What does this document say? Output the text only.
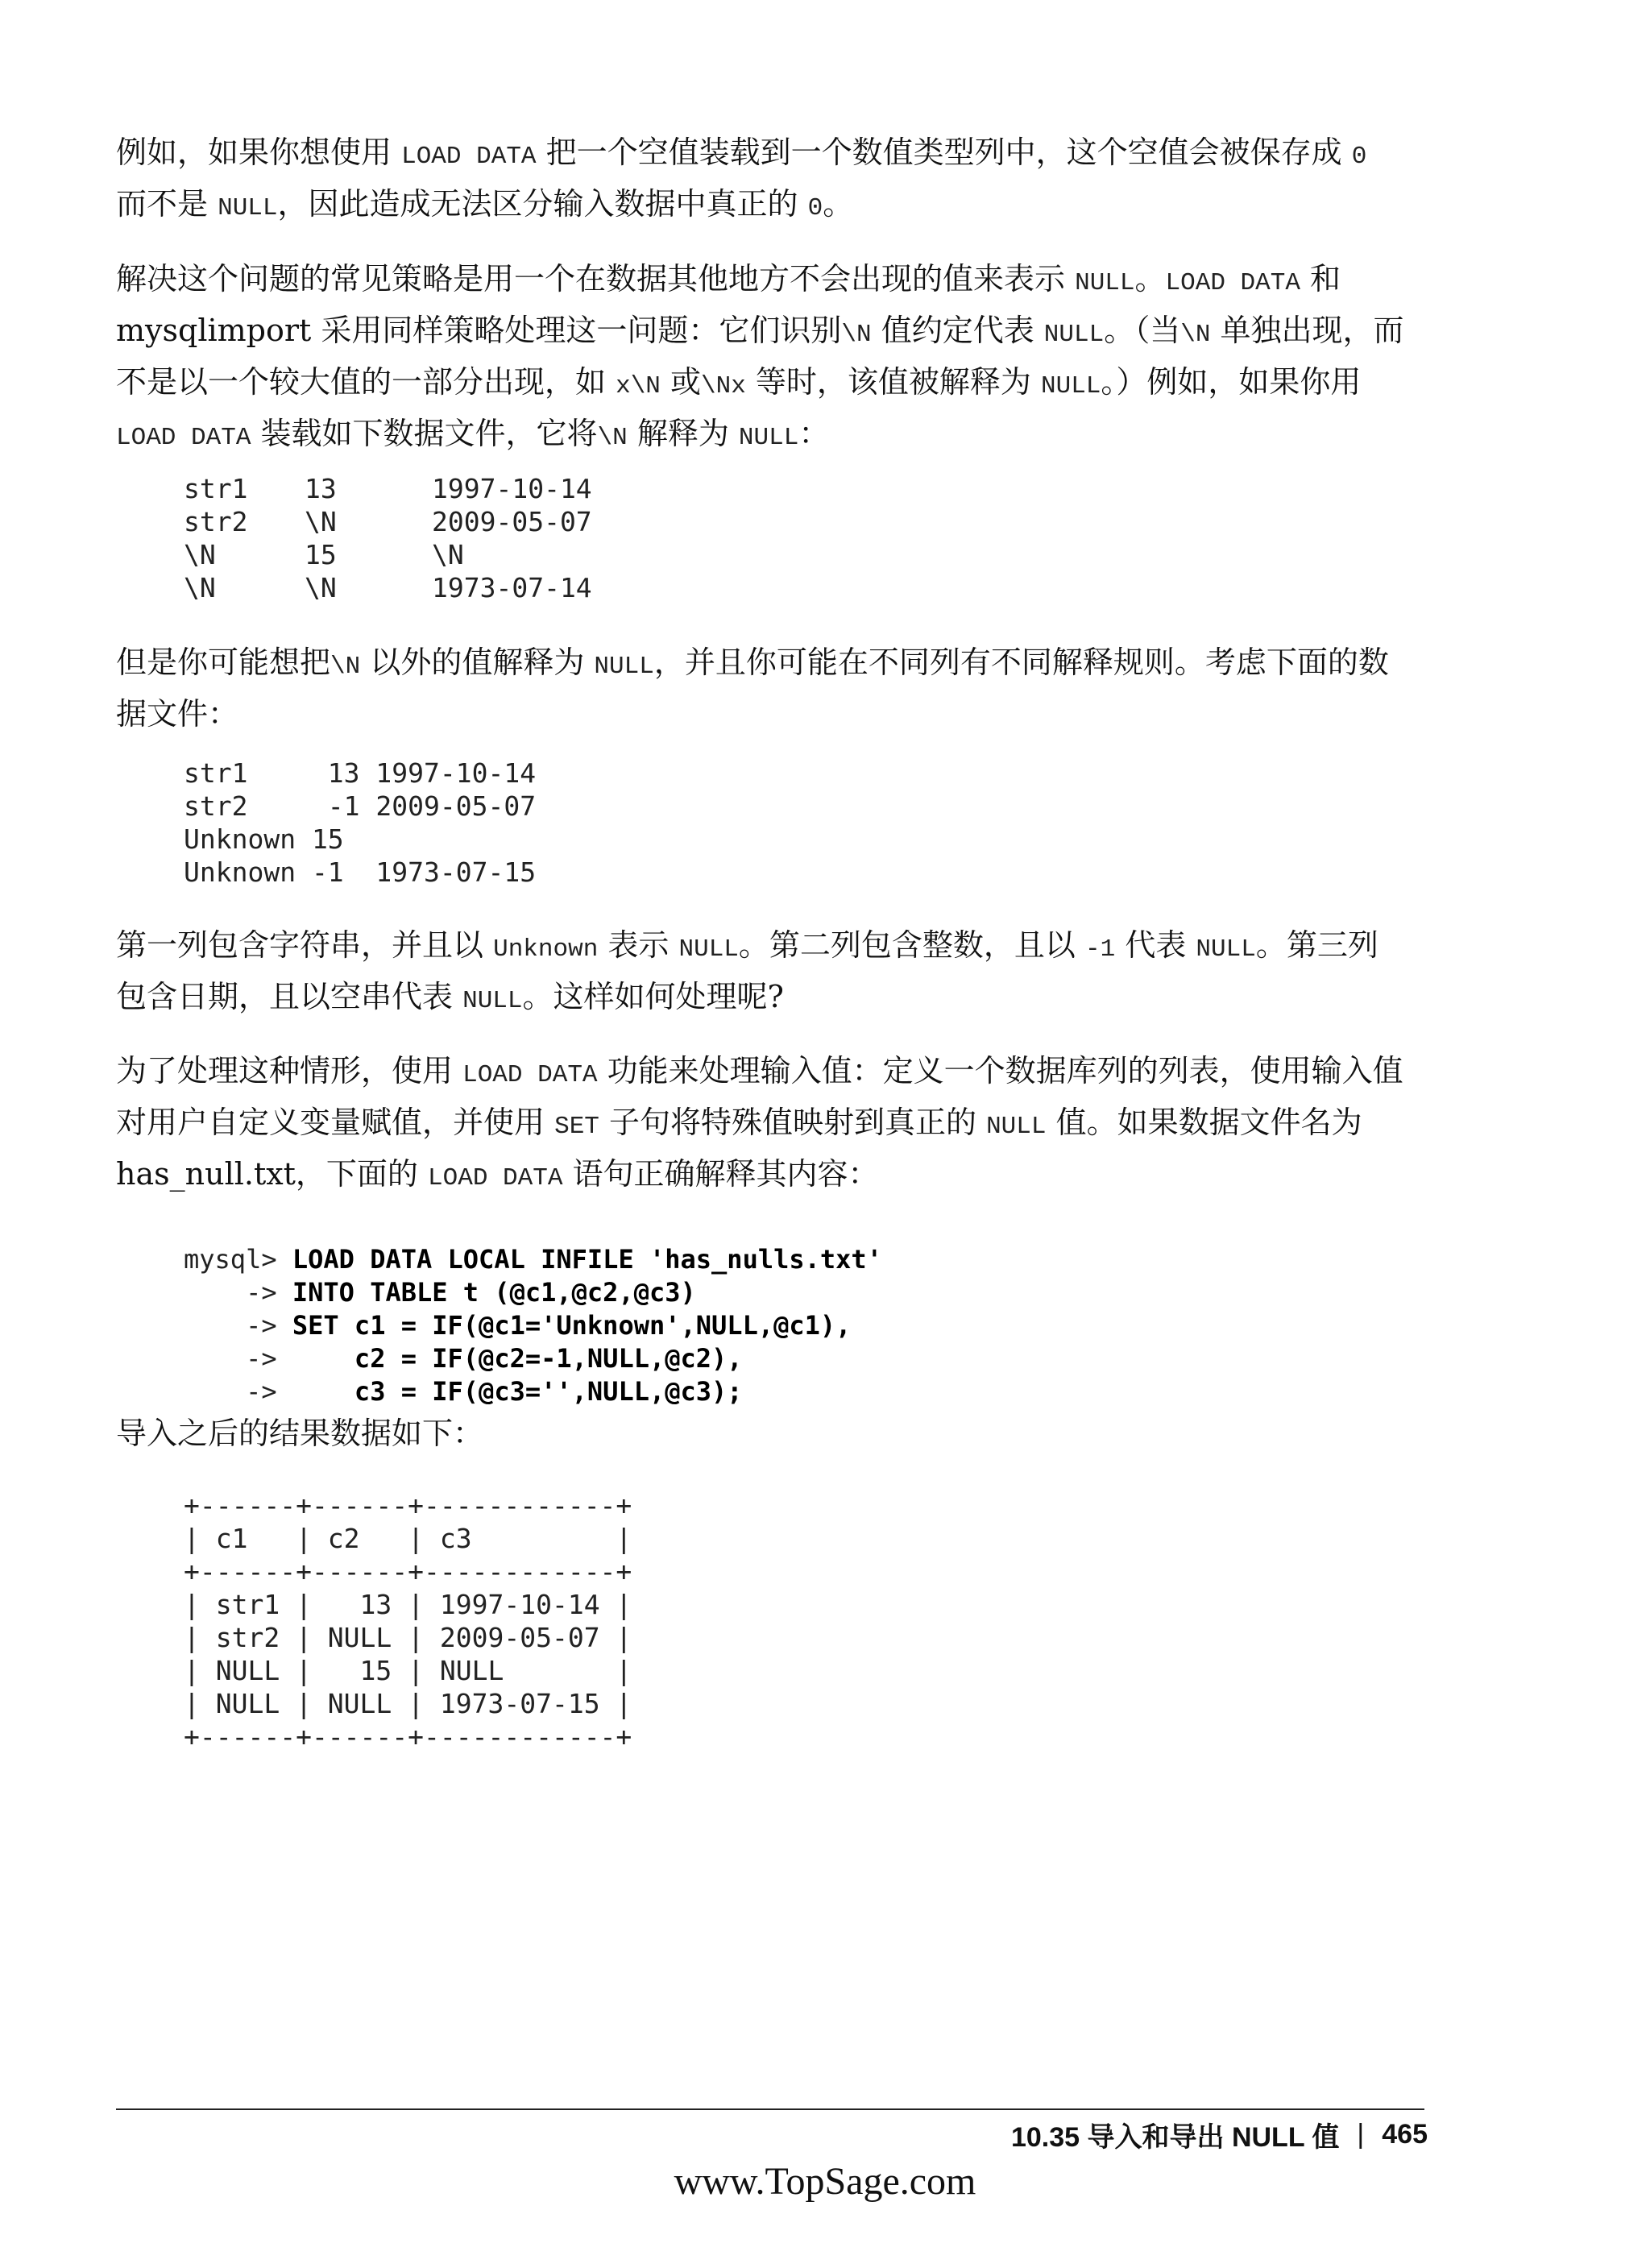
例如，如果你想使用 LOAD DATA 把一个空值装载到一个数值类型列中，这个空值会被保存成 0 而不是 NULL，因此造成无法区分输入数据中真正的 0。

解决这个问题的常见策略是用一个在数据其他地方不会出现的值来表示 NULL。LOAD DATA 和 mysqlimport 采用同样策略处理这一问题：它们识别\N 值约定代表 NULL。（当\N 单独出现，而不是以一个较大值的一部分出现，如 x\N 或\Nx 等时，该值被解释为 NULL。）例如，如果你用 LOAD DATA 装载如下数据文件，它将\N 解释为 NULL：

str1 13	1997-10-14
str2 \N	2009-05-07
\N	15	\N
\N	\N	1973-07-14

但是你可能想把\N 以外的值解释为 NULL，并且你可能在不同列有不同解释规则。考虑下面的数据文件：

str1     13 1997-10-14
str2     -1 2009-05-07
Unknown 15
Unknown -1  1973-07-15

第一列包含字符串，并且以 Unknown 表示 NULL。第二列包含整数，且以 -1 代表 NULL。第三列包含日期，且以空串代表 NULL。这样如何处理呢?

为了处理这种情形，使用 LOAD DATA 功能来处理输入值：定义一个数据库列的列表，使用输入值对用户自定义变量赋值，并使用 SET 子句将特殊值映射到真正的 NULL 值。如果数据文件名为 has_null.txt，下面的 LOAD DATA 语句正确解释其内容：

mysql> LOAD DATA LOCAL INFILE 'has_nulls.txt'
-> INTO TABLE t (@c1,@c2,@c3)
-> SET c1 = IF(@c1='Unknown',NULL,@c1),
->     c2 = IF(@c2=-1,NULL,@c2),
->     c3 = IF(@c3='',NULL,@c3);

导入之后的结果数据如下：

+------+------+------------+
| c1   | c2   | c3         |
+------+------+------------+
| str1 |   13 | 1997-10-14 |
| str2 | NULL | 2009-05-07 |
| NULL |   15 | NULL       |
| NULL | NULL | 1973-07-15 |
+------+------+------------+
10.35 导入和导出 NULL 值 | 465
www.TopSage.com
